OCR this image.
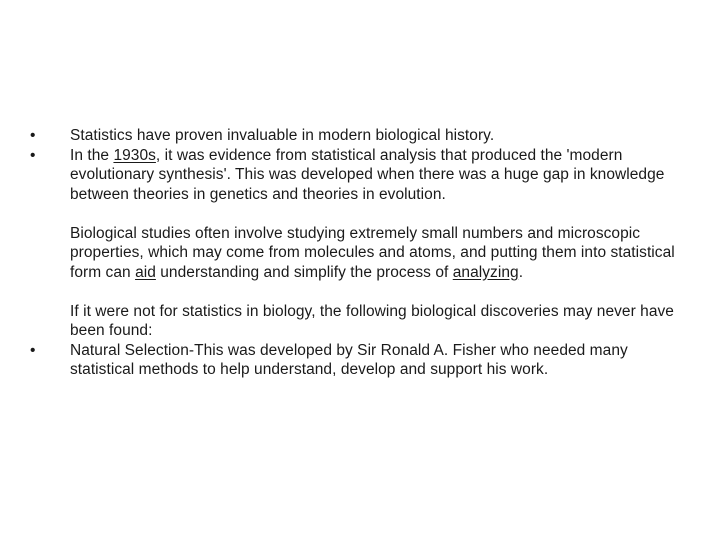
•	Statistics have proven invaluable in modern biological history.

•	In the 1930s, it was evidence from statistical analysis that produced the 'modern evolutionary synthesis'. This was developed when there was a huge gap in knowledge between theories in genetics and theories in evolution.

Biological studies often involve studying extremely small numbers and microscopic properties, which may come from molecules and atoms, and putting them into statistical form can aid understanding and simplify the process of analyzing.

If it were not for statistics in biology, the following biological discoveries may never have been found:

•	Natural Selection-This was developed by Sir Ronald A. Fisher who needed many statistical methods to help understand, develop and support his work.
